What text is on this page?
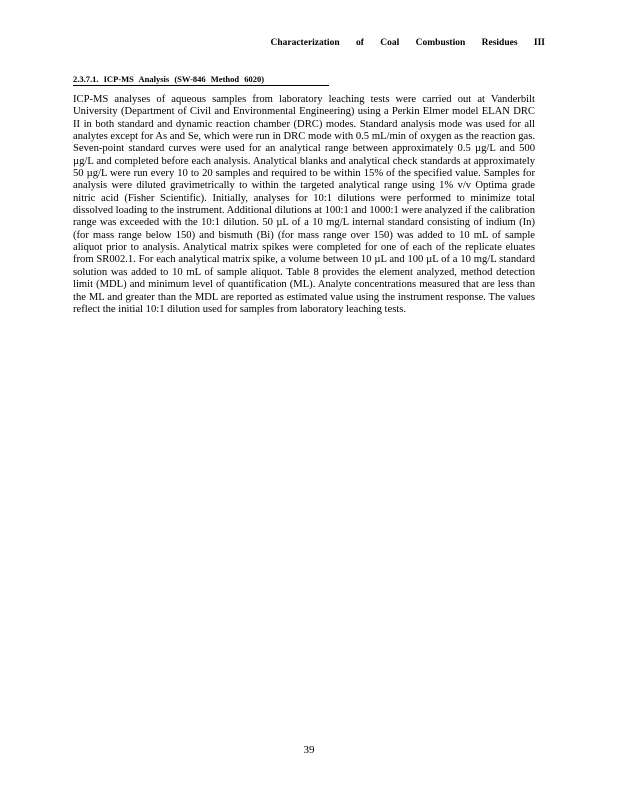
Characterization of Coal Combustion Residues III
2.3.7.1. ICP-MS Analysis (SW-846 Method 6020)

ICP-MS analyses of aqueous samples from laboratory leaching tests were carried out at Vanderbilt University (Department of Civil and Environmental Engineering) using a Perkin Elmer model ELAN DRC II in both standard and dynamic reaction chamber (DRC) modes. Standard analysis mode was used for all analytes except for As and Se, which were run in DRC mode with 0.5 mL/min of oxygen as the reaction gas. Seven-point standard curves were used for an analytical range between approximately 0.5 µg/L and 500 µg/L and completed before each analysis. Analytical blanks and analytical check standards at approximately 50 µg/L were run every 10 to 20 samples and required to be within 15% of the specified value. Samples for analysis were diluted gravimetrically to within the targeted analytical range using 1% v/v Optima grade nitric acid (Fisher Scientific). Initially, analyses for 10:1 dilutions were performed to minimize total dissolved loading to the instrument. Additional dilutions at 100:1 and 1000:1 were analyzed if the calibration range was exceeded with the 10:1 dilution. 50 µL of a 10 mg/L internal standard consisting of indium (In) (for mass range below 150) and bismuth (Bi) (for mass range over 150) was added to 10 mL of sample aliquot prior to analysis. Analytical matrix spikes were completed for one of each of the replicate eluates from SR002.1. For each analytical matrix spike, a volume between 10 µL and 100 µL of a 10 mg/L standard solution was added to 10 mL of sample aliquot. Table 8 provides the element analyzed, method detection limit (MDL) and minimum level of quantification (ML). Analyte concentrations measured that are less than the ML and greater than the MDL are reported as estimated value using the instrument response. The values reflect the initial 10:1 dilution used for samples from laboratory leaching tests.

39
